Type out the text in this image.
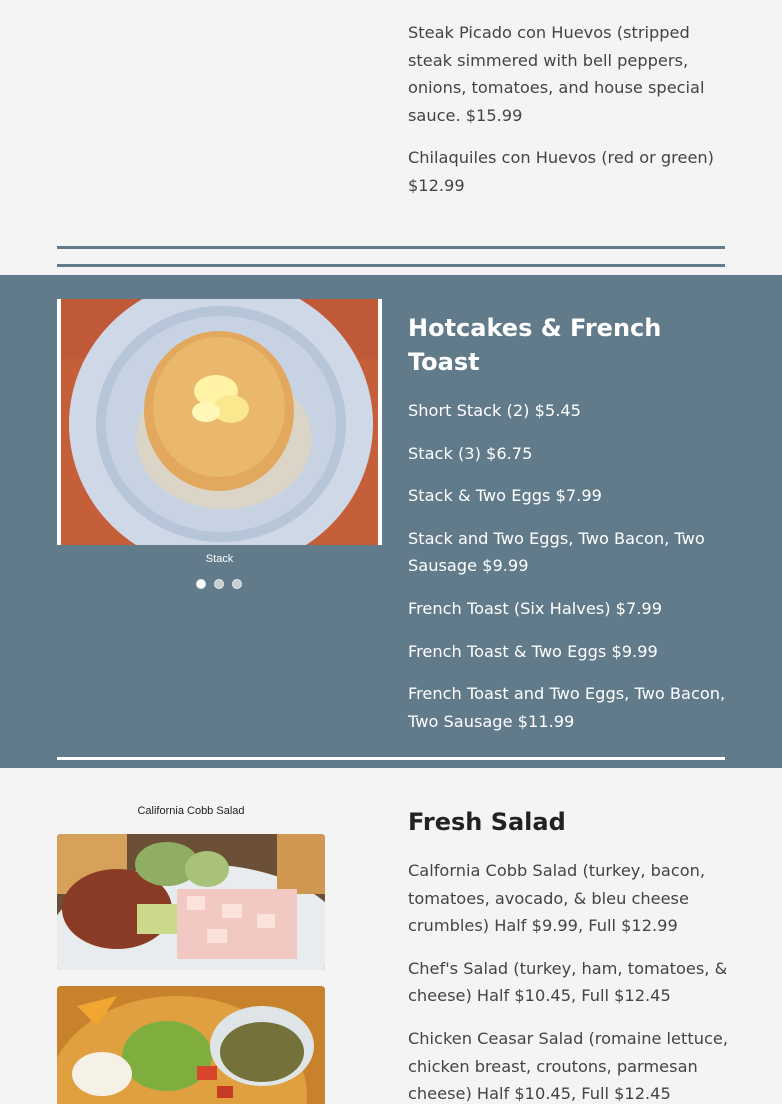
Steak Picado con Huevos (stripped steak simmered with bell peppers, onions, tomatoes, and house special sauce. $15.99

Chilaquiles con Huevos (red or green) $12.99

Stack
Hotcakes & French Toast

Short Stack (2) $5.45

Stack (3) $6.75

Stack & Two Eggs $7.99

Stack and Two Eggs, Two Bacon, Two Sausage $9.99

French Toast (Six Halves) $7.99

French Toast & Two Eggs $9.99

French Toast and Two Eggs, Two Bacon, Two Sausage $11.99

California Cobb Salad	Fresh Salad

Calfornia Cobb Salad (turkey, bacon, tomatoes, avocado, & bleu cheese crumbles) Half $9.99, Full $12.99

Chef's Salad (turkey, ham, tomatoes, & cheese) Half $10.45, Full $12.45

Chicken Ceasar Salad (romaine lettuce, chicken breast, croutons, parmesan cheese) Half $10.45, Full $12.45
